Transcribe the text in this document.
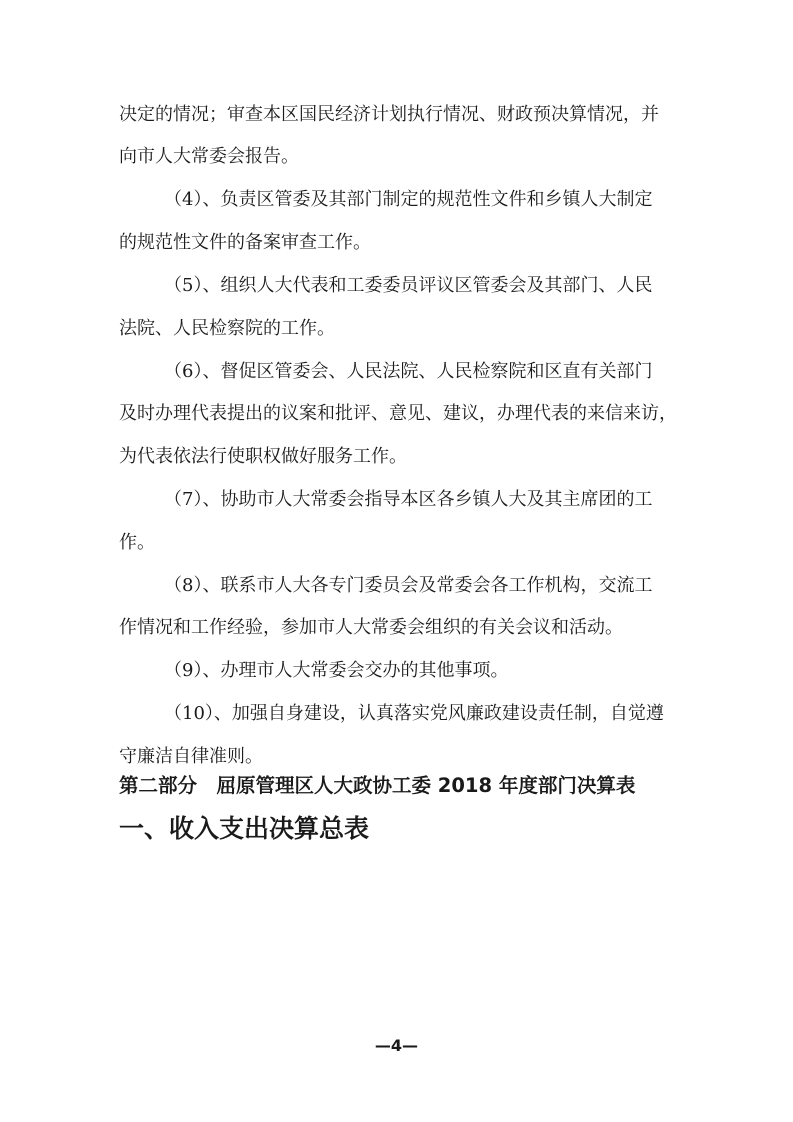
决定的情况；审查本区国民经济计划执行情况、财政预决算情况，并
向市人大常委会报告。
（4）、负责区管委及其部门制定的规范性文件和乡镇人大制定
的规范性文件的备案审查工作。
（5）、组织人大代表和工委委员评议区管委会及其部门、人民
法院、人民检察院的工作。
（6）、督促区管委会、人民法院、人民检察院和区直有关部门
及时办理代表提出的议案和批评、意见、建议，办理代表的来信来访，
为代表依法行使职权做好服务工作。
（7）、协助市人大常委会指导本区各乡镇人大及其主席团的工
作。
（8）、联系市人大各专门委员会及常委会各工作机构，交流工
作情况和工作经验，参加市人大常委会组织的有关会议和活动。
（9）、办理市人大常委会交办的其他事项。
（10）、加强自身建设，认真落实党风廉政建设责任制，自觉遵
守廉洁自律准则。
第二部分　屈原管理区人大政协工委 2018 年度部门决算表
一、收入支出决算总表
—4—
